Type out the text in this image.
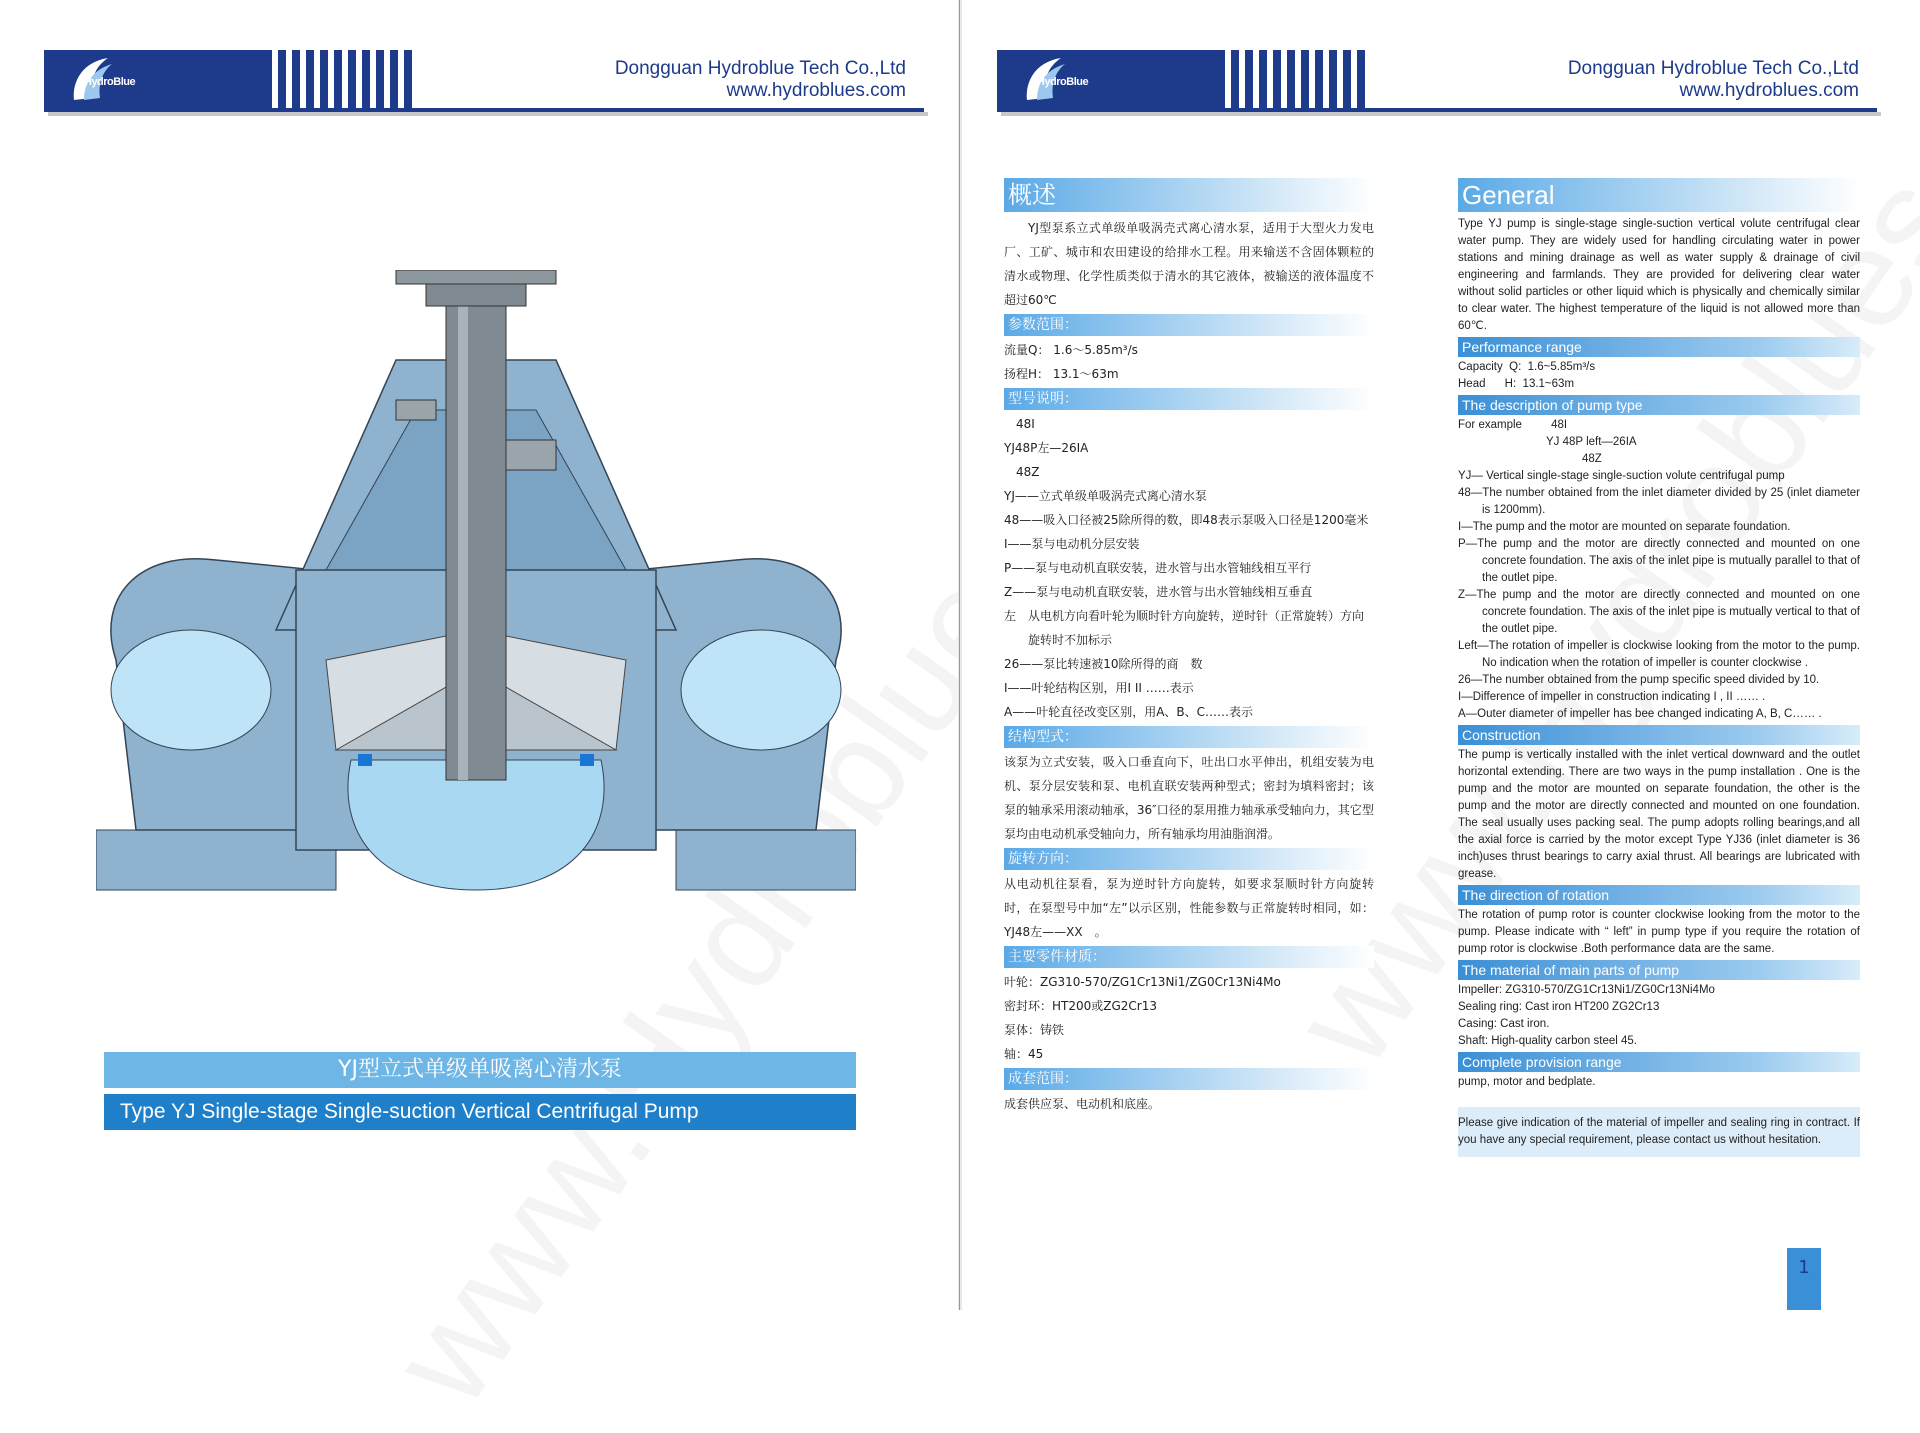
HydroBlue
Dongguan Hydroblue Tech Co.,Ltd
www.hydroblues.com
YJ型立式单级单吸离心清水泵
Type YJ Single-stage Single-suction Vertical Centrifugal Pump
HydroBlue
Dongguan Hydroblue Tech Co.,Ltd
www.hydroblues.com
概述

YJ型泵系立式单级单吸涡壳式离心清水泵，适用于大型火力发电厂、工矿、城市和农田建设的给排水工程。用来输送不含固体颗粒的清水或物理、化学性质类似于清水的其它液体，被输送的液体温度不超过60℃

参数范围：

流量Q： 1.6～5.85m³/s

扬程H： 13.1～63m

型号说明：

48I

YJ48P左—26IA

48Z

YJ——立式单级单吸涡壳式离心清水泵

48——吸入口径被25除所得的数，即48表示泵吸入口径是1200毫米

I——泵与电动机分层安装

P——泵与电动机直联安装，进水管与出水管轴线相互平行

Z——泵与电动机直联安装，进水管与出水管轴线相互垂直

左　从电机方向看叶轮为顺时针方向旋转，逆时针（正常旋转）方向旋转时不加标示

26——泵比转速被10除所得的商　数

I——叶轮结构区别，用I II ……表示

A——叶轮直径改变区别，用A、B、C……表示

结构型式：

该泵为立式安装，吸入口垂直向下，吐出口水平伸出，机组安装为电机、泵分层安装和泵、电机直联安装两种型式；密封为填料密封；该泵的轴承采用滚动轴承，36″口径的泵用推力轴承承受轴向力，其它型泵均由电动机承受轴向力，所有轴承均用油脂润滑。

旋转方向：

从电动机往泵看，泵为逆时针方向旋转，如要求泵顺时针方向旋转时，在泵型号中加“左”以示区别，性能参数与正常旋转时相同，如：YJ48左——XX　。

主要零件材质：

叶轮：ZG310-570/ZG1Cr13Ni1/ZG0Cr13Ni4Mo

密封环：HT200或ZG2Cr13

泵体：铸铁

轴：45

成套范围：

成套供应泵、电动机和底座。

General

Type YJ pump is single-stage single-suction vertical volute centrifugal clear water pump. They are widely used for handling circulating water in power stations and mining drainage as well as water supply & drainage of civil engineering and farmlands. They are provided for delivering clear water without solid particles or other liquid which is physically and chemically similar to clear water. The highest temperature of the liquid is not allowed more than 60℃.

Performance range

Capacity  Q:  1.6~5.85m³/s

Head      H:  13.1~63m

The description of pump type

For example	48I

YJ 48P left—26IA

48Z

YJ— Vertical single-stage single-suction volute centrifugal pump

48—The number obtained from the inlet diameter divided by 25 (inlet diameter is 1200mm).

I—The pump and the motor are mounted on separate foundation.

P—The pump and the motor are directly connected and mounted on one concrete foundation. The axis of the inlet pipe is mutually parallel to that of the outlet pipe.

Z—The pump and the motor are directly connected and mounted on one concrete foundation. The axis of the inlet pipe is mutually vertical to that of the outlet pipe.

Left—The rotation of impeller is clockwise looking from the motor to the pump. No indication when the rotation of impeller is counter clockwise .

26—The number obtained from the pump specific speed divided by 10.

I—Difference of impeller in construction indicating I , II …… .

A—Outer diameter of impeller has bee changed indicating A, B, C…… .

Construction

The pump is vertically installed with the inlet vertical downward and the outlet horizontal extending. There are two ways in the pump installation . One is the pump and the motor are mounted on separate foundation, the other is the pump and the motor are directly connected and mounted on one foundation. The seal usually uses packing seal. The pump adopts rolling bearings,and all the axial force is carried by the motor except Type YJ36 (inlet diameter is 36 inch)uses thrust bearings to carry axial thrust. All bearings are lubricated with grease.

The direction of rotation

The rotation of pump rotor is counter clockwise looking from the motor to the pump. Please indicate with “ left” in pump type if you require the rotation of pump rotor is clockwise .Both performance data are the same.

The material of main parts of pump

Impeller: ZG310-570/ZG1Cr13Ni1/ZG0Cr13Ni4Mo

Sealing ring: Cast iron HT200 ZG2Cr13

Casing: Cast iron.

Shaft: High-quality carbon steel 45.

Complete provision range

pump, motor and bedplate.

Please give indication of the material of impeller and sealing ring in contract. If you have any special requirement, please contact us without hesitation.

1
